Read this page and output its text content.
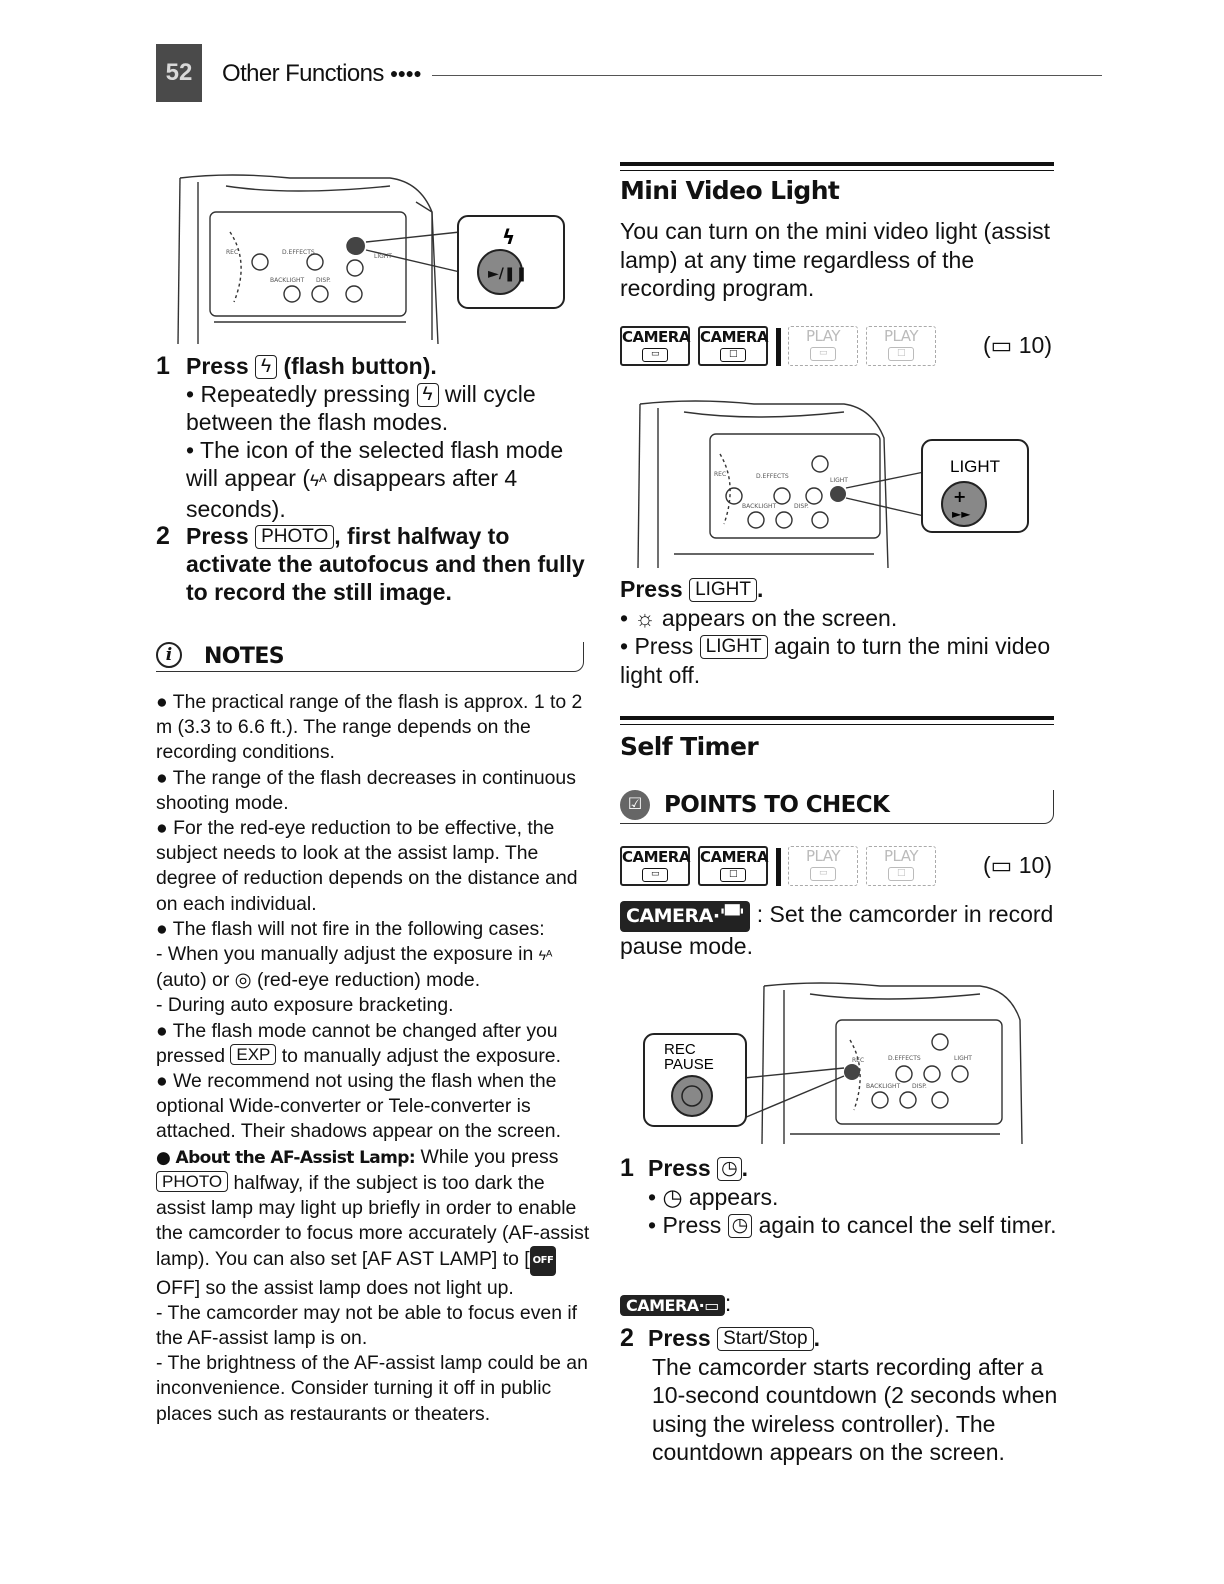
52	Other Functions ●●●●
ϟ
►/❚❚
REC	D.EFFECTS
LIGHT
BACKLIGHT DISP.
1 Press ϟ (flash button).
• Repeatedly pressing ϟ will cycle between the flash modes.
• The icon of the selected flash mode will appear (ϟᴬ disappears after 4 seconds).
2 Press PHOTO , first halfway to activate the autofocus and then fully to record the still image.
i	NOTES

● The practical range of the flash is approx. 1 to 2 m (3.3 to 6.6 ft.). The range depends on the recording conditions.

● The range of the flash decreases in continuous shooting mode.

● For the red-eye reduction to be effective, the subject needs to look at the assist lamp. The degree of reduction depends on the distance and on each individual.

● The flash will not fire in the following cases:

- When you manually adjust the exposure in ϟᴬ (auto) or ◎ (red-eye reduction) mode.

- During auto exposure bracketing.

● The flash mode cannot be changed after you pressed EXP to manually adjust the exposure.

● We recommend not using the flash when the optional Wide-converter or Tele-converter is attached. Their shadows appear on the screen.

● About the AF-Assist Lamp: While you press
PHOTO halfway, if the subject is too dark the assist lamp may light up briefly in order to enable the camcorder to focus more accurately (AF-assist lamp). You can also set [AF AST LAMP] to [ OFF OFF] so the assist lamp does not light up.

- The camcorder may not be able to focus even if the AF-assist lamp is on.

- The brightness of the AF-assist lamp could be an inconvenience. Consider turning it off in public places such as restaurants or theaters.

Mini Video Light
You can turn on the mini video light (assist lamp) at any time regardless of the recording program.
CAMERA
▭
CAMERA
□
PLAY
▭
PLAY
□	(▭ 10)
LIGHT
+
►►
REC	D.EFFECTS
LIGHT
BACKLIGHT	DISP.
Press LIGHT .
• ☼ appears on the screen.
• Press LIGHT again to turn the mini video light off.
Self Timer
☑ POINTS TO CHECK
CAMERA
▭
CAMERA
□
PLAY
▭
PLAY
□	(▭ 10)
CAMERA·'▀' : Set the camcorder in record pause mode.
REC
PAUSE	REC	D.EFFECTS	LIGHT
BACKLIGHT DISP.
1 Press ◷ .
• ◷ appears.
• Press ◷ again to cancel the self timer.
CAMERA·▭ :
2 Press Start/Stop .
The camcorder starts recording after a 10-second countdown (2 seconds when using the wireless controller). The countdown appears on the screen.
